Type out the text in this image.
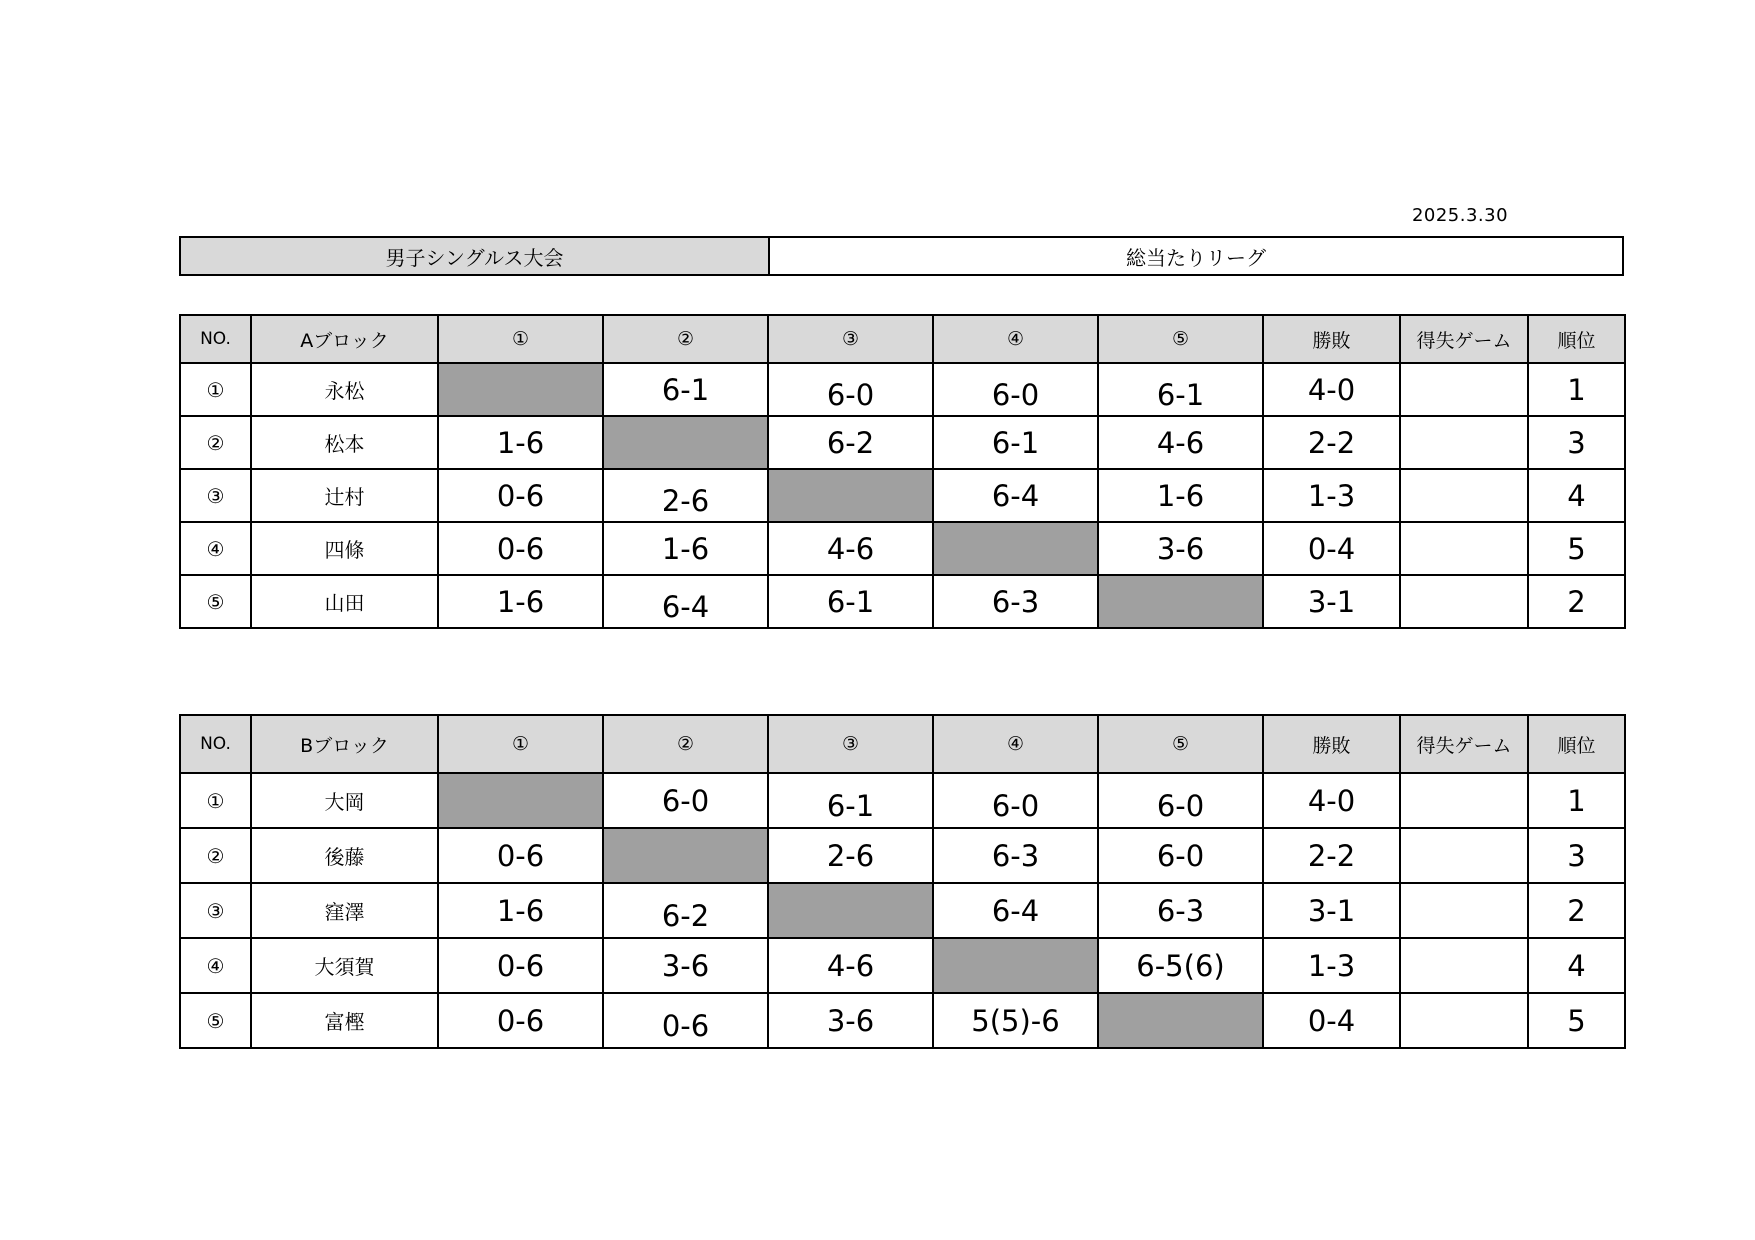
2025.3.30
男子シングルス大会	総当たりリーグ
NO.	Aブロック	①	②	③	④	⑤	勝敗	得失ゲーム	順位
①	永松		6-1	6-0	6-0	6-1	4-0		1
②	松本	1-6		6-2	6-1	4-6	2-2		3
③	辻村	0-6	2-6		6-4	1-6	1-3		4
④	四條	0-6	1-6	4-6		3-6	0-4		5
⑤	山田	1-6	6-4	6-1	6-3		3-1		2
NO.	Bブロック	①	②	③	④	⑤	勝敗	得失ゲーム	順位
①	大岡		6-0	6-1	6-0	6-0	4-0		1
②	後藤	0-6		2-6	6-3	6-0	2-2		3
③	窪澤	1-6	6-2		6-4	6-3	3-1		2
④	大須賀	0-6	3-6	4-6		6-5(6)	1-3		4
⑤	富樫	0-6	0-6	3-6	5(5)-6		0-4		5
